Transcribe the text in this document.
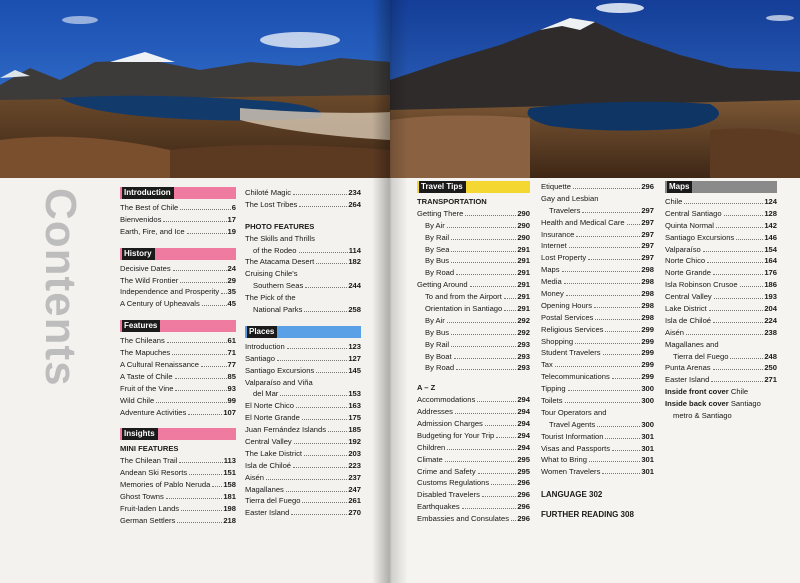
Contents	Introduction
The Best of Chile	6
Bienvenidos	17
Earth, Fire, and Ice	19
History
Decisive Dates	24
The Wild Frontier	29
Independence and Prosperity 35
A Century of Upheavals	45
Features
The Chileans	61
The Mapuches	71
A Cultural Renaissance	77
A Taste of Chile	85
Fruit of the Vine	93
Wild Chile	99
Adventure Activities	107
Insights
MINI FEATURES
The Chilean Trail	113
Andean Ski Resorts	151
Memories of Pablo Neruda 158
Ghost Towns	181
Fruit-laden Lands	198
German Settlers	218
Chiloté Magic	234
The Lost Tribes	264
PHOTO FEATURES
The Skills and Thrills
of the Rodeo	114
The Atacama Desert	182
Cruising Chile's
Southern Seas	244
The Pick of the
National Parks	258
Places
Introduction	123
Santiago	127
Santiago Excursions	145
Valparaíso and Viña
del Mar	153
El Norte Chico	163
El Norte Grande	175
Juan Fernández Islands	185
Central Valley	192
The Lake District	203
Isla de Chiloé	223
Aisén	237
Magallanes	247
Tierra del Fuego	261
Easter Island	270
Travel Tips
TRANSPORTATION
Getting There	290
By Air	290
By Rail	290
By Sea	291
By Bus	291
By Road	291
Getting Around	291
To and from the Airport 291
Orientation in Santiago 291
By Air	292
By Bus	292
By Rail	293
By Boat	293
By Road	293
A – Z
Accommodations	294
Addresses	294
Admission Charges	294
Budgeting for Your Trip	294
Children	294
Climate	295
Crime and Safety	295
Customs Regulations	296
Disabled Travelers	296
Earthquakes	296
Embassies and Consulates 296
Etiquette	296
Gay and Lesbian
Travelers	297
Health and Medical Care 297
Insurance	297
Internet	297
Lost Property	297
Maps	298
Media	298
Money	298
Opening Hours	298
Postal Services	298
Religious Services	299
Shopping	299
Student Travelers	299
Tax	299
Telecommunications	299
Tipping	300
Toilets	300
Tour Operators and
Travel Agents	300
Tourist Information	301
Visas and Passports	301
What to Bring	301
Women Travelers	301
LANGUAGE 302
FURTHER READING 308
Maps
Chile	124
Central Santiago	128
Quinta Normal	142
Santiago Excursions	146
Valparaíso	154
Norte Chico	164
Norte Grande	176
Isla Robinson Crusoe	186
Central Valley	193
Lake District	204
Isla de Chiloé	224
Aisén	238
Magallanes and
Tierra del Fuego	248
Punta Arenas	250
Easter Island	271
Inside front cover Chile
Inside back cover Santiago
metro & Santiago
